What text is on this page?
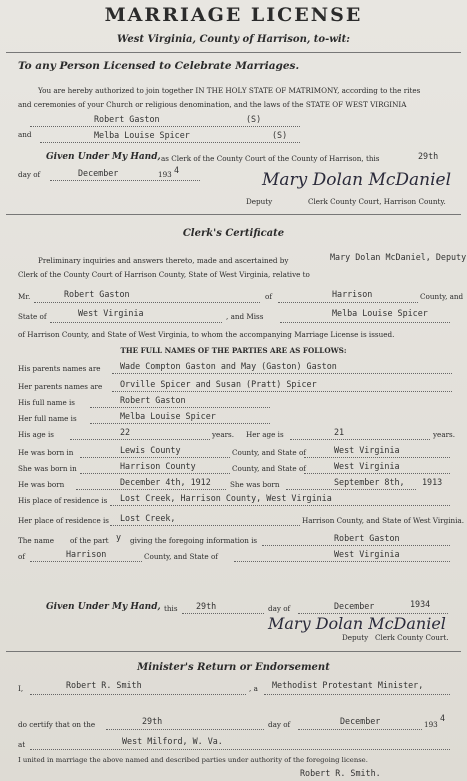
MARRIAGE LICENSE
West Virginia, County of Harrison, to-wit:
To any Person Licensed to Celebrate Marriages.
You are hereby authorized to join together IN THE HOLY STATE OF MATRIMONY, according to the rites
and ceremonies of your Church or religious denomination, and the laws of the STATE OF WEST VIRGINIA
Robert Gaston	(S)
and	Melba Louise Spicer	(S)
Given Under My Hand, as Clerk of the County Court of the County of Harrison, this	29th
day of	December	193 4	Mary Dolan McDaniel
Deputy	Clerk County Court, Harrison County.
Clerk's Certificate
Preliminary inquiries and answers thereto, made and ascertained by	Mary Dolan McDaniel, Deputy
Clerk of the County Court of Harrison County, State of West Virginia, relative to
Mr.	Robert Gaston	of	Harrison	County, and
State of	West Virginia	, and Miss	Melba Louise Spicer
of Harrison County, and State of West Virginia, to whom the accompanying Marriage License is issued.
THE FULL NAMES OF THE PARTIES ARE AS FOLLOWS:
His parents names are Wade Compton Gaston and May (Gaston) Gaston
Her parents names are Orville Spicer and Susan (Pratt) Spicer
His full name is	Robert Gaston
Her full name is	Melba Louise Spicer
His age is	22	years. Her age is	21	years.
He was born in	Lewis County	County, and State of	West Virginia
She was born in	Harrison County	County, and State of	West Virginia
He was born	December 4th, 1912	She was born	September 8th, 1913
His place of residence is Lost Creek, Harrison County, West Virginia
Her place of residence is Lost Creek,	Harrison County, and State of West Virginia.
The name of the part y giving the foregoing information is	Robert Gaston
of	Harrison	County, and State of	West Virginia
Given Under My Hand, this 29th	day of	December	1934
Mary Dolan McDaniel
Deputy Clerk County Court.
Minister's Return or Endorsement
I,	Robert R. Smith	, a Methodist Protestant Minister,
do certify that on the	29th	day of	December	193
4
at	West Milford, W. Va.
I united in marriage the above named and described parties under authority of the foregoing license.
Robert R. Smith.
